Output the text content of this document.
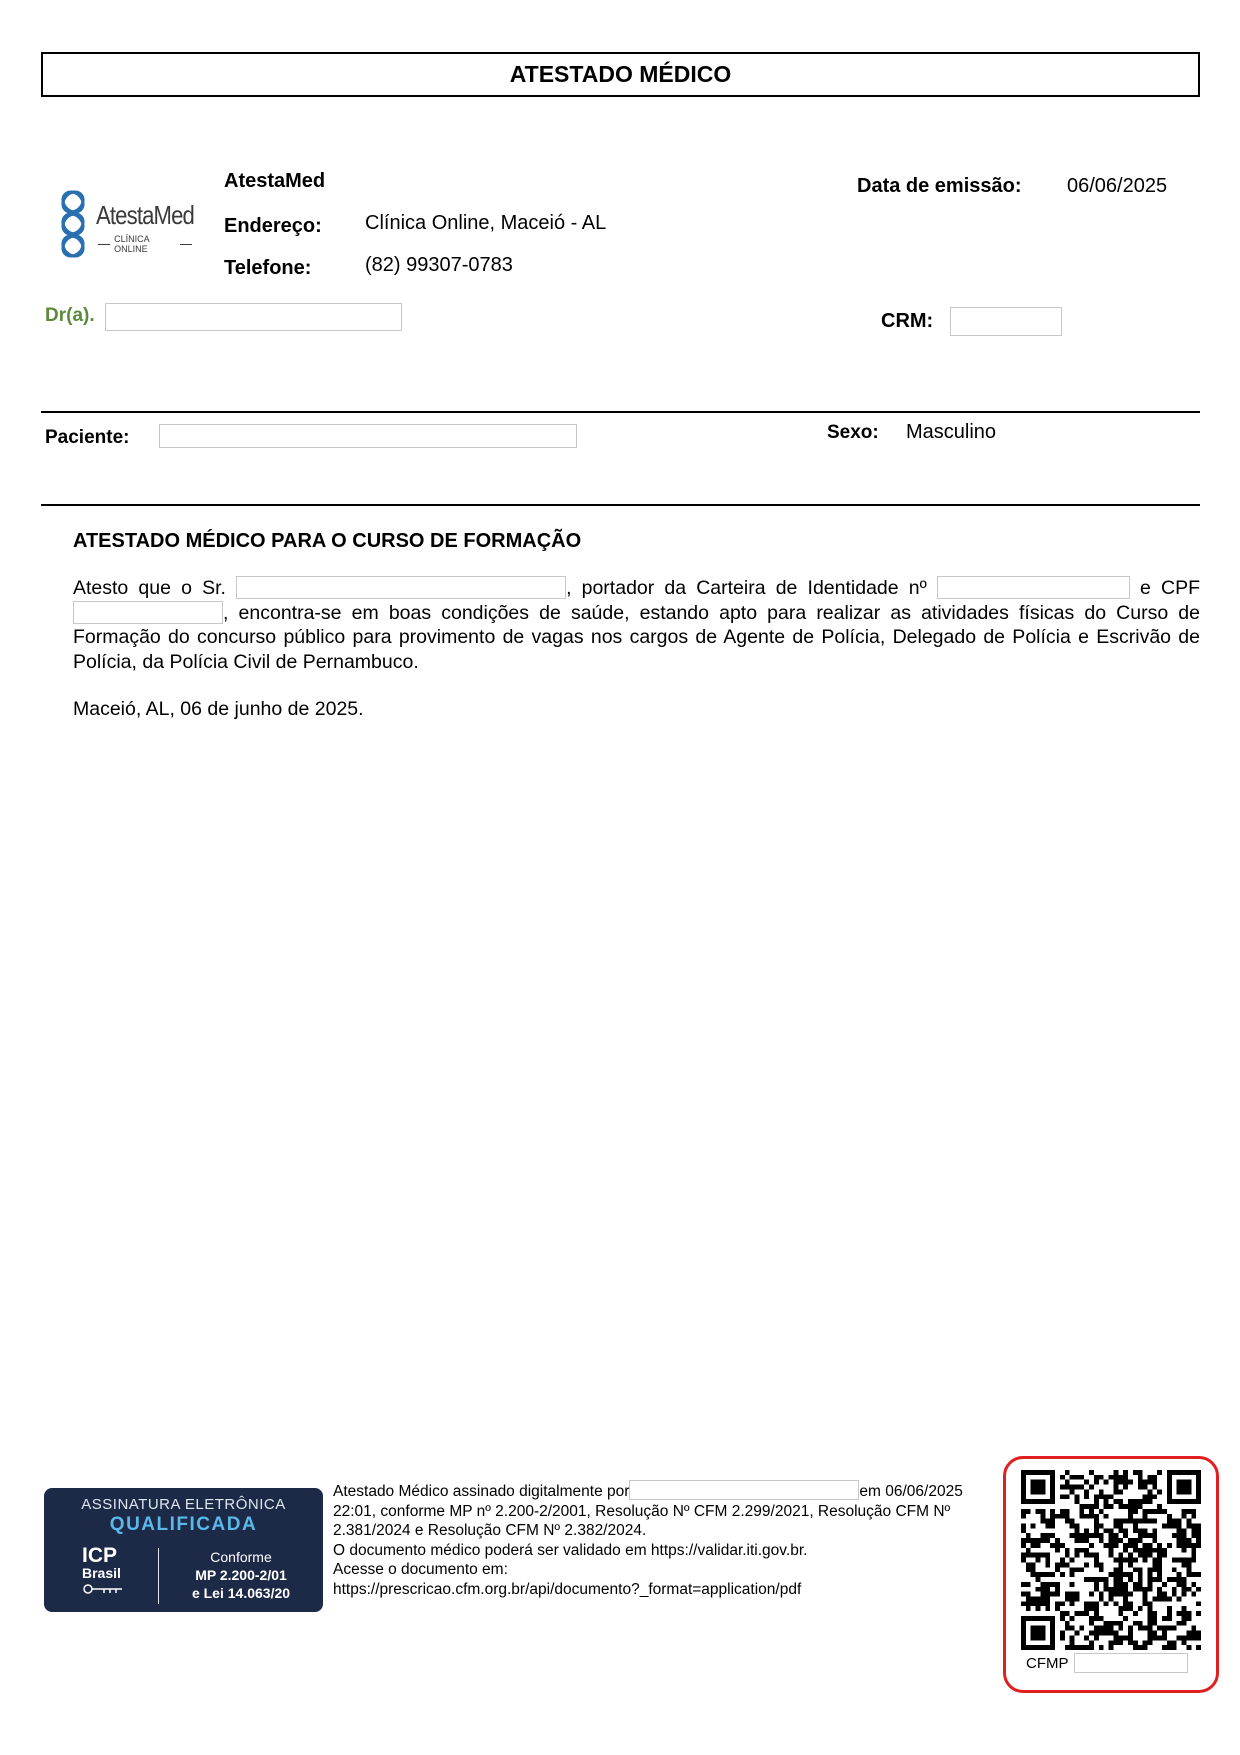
ATESTADO MÉDICO
AtestaMed
CLÍNICA ONLINE
AtestaMed
Endereço: Clínica Online, Maceió - AL
Telefone:	(82) 99307-0783
Data de emissão: 06/06/2025
Dr(a).	CRM:
Paciente:	Sexo: Masculino
ATESTADO MÉDICO PARA O CURSO DE FORMAÇÃO
Atesto que o Sr.	, portador da Carteira de Identidade nº	e CPF , encontra-se em boas condições de saúde, estando apto para realizar as atividades físicas do Curso de Formação do concurso público para provimento de vagas nos cargos de Agente de Polícia, Delegado de Polícia e Escrivão de Polícia, da Polícia Civil de Pernambuco.
Maceió, AL, 06 de junho de 2025.
ASSINATURA ELETRÔNICA
QUALIFICADA
ICP
Brasil
Conforme
MP 2.200-2/01
e Lei 14.063/20
Atestado Médico assinado digitalmente por	em 06/06/2025 22:01, conforme MP nº 2.200-2/2001, Resolução Nº CFM 2.299/2021, Resolução CFM Nº 2.381/2024 e Resolução CFM Nº 2.382/2024.
O documento médico poderá ser validado em https://validar.iti.gov.br.
Acesse o documento em:
https://prescricao.cfm.org.br/api/documento?_format=application/pdf
CFMP
